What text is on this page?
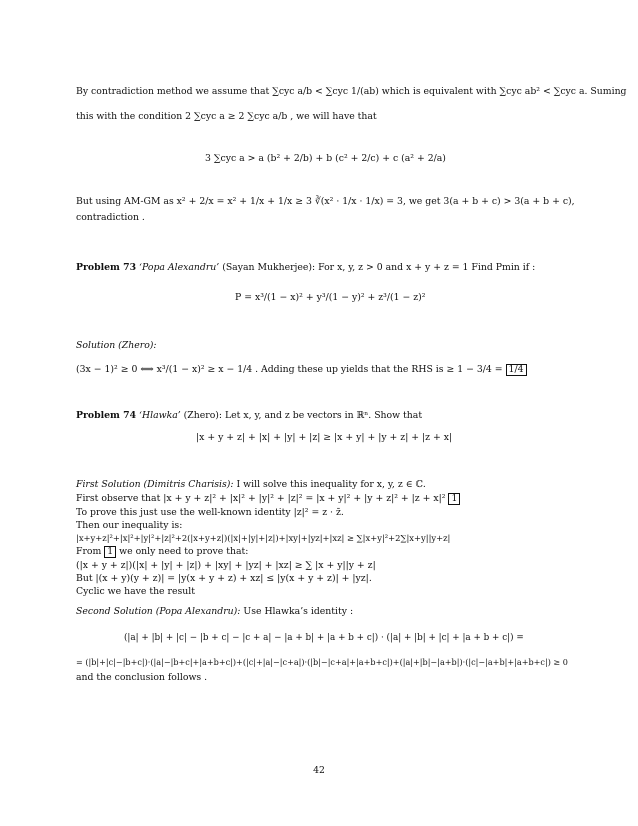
By contradiction method we assume that ∑cyc a/b < ∑cyc 1/(ab) which is equivalent with ∑cyc ab² < ∑cyc a. Suming
this with the condition 2 ∑cyc a ≥ 2 ∑cyc a/b , we will have that
3 ∑cyc a > a (b² + 2/b) + b (c² + 2/c) + c (a² + 2/a)
But using AM-GM as x² + 2/x = x² + 1/x + 1/x ≥ 3 ∛(x² · 1/x · 1/x) = 3, we get 3(a + b + c) > 3(a + b + c),
contradiction .
Problem 73 ‘Popa Alexandru’ (Sayan Mukherjee): For x, y, z > 0 and x + y + z = 1 Find Pmin if :
P = x³/(1 − x)² + y³/(1 − y)² + z³/(1 − z)²
Solution (Zhero):
(3x − 1)² ≥ 0 ⟺ x³/(1 − x)² ≥ x − 1/4 . Adding these up yields that the RHS is ≥ 1 − 3/4 = 1/4
Problem 74 ‘Hlawka’ (Zhero): Let x, y, and z be vectors in ℝⁿ. Show that
|x + y + z| + |x| + |y| + |z| ≥ |x + y| + |y + z| + |z + x|
First Solution (Dimitris Charisis): I will solve this inequality for x, y, z ∈ ℂ.
First observe that |x + y + z|² + |x|² + |y|² + |z|² = |x + y|² + |y + z|² + |z + x|² 1
To prove this just use the well-known identity |z|² = z · z̄.
Then our inequality is:
|x+y+z|²+|x|²+|y|²+|z|²+2(|x+y+z|)(|x|+|y|+|z|)+|xy|+|yz|+|xz| ≥ ∑|x+y|²+2∑|x+y||y+z|
From 1 we only need to prove that:
(|x + y + z|)(|x| + |y| + |z|) + |xy| + |yz| + |xz| ≥ ∑ |x + y||y + z|
But |(x + y)(y + z)| = |y(x + y + z) + xz| ≤ |y(x + y + z)| + |yz|.
Cyclic we have the result
Second Solution (Popa Alexandru): Use Hlawka’s identity :
(|a| + |b| + |c| − |b + c| − |c + a| − |a + b| + |a + b + c|) · (|a| + |b| + |c| + |a + b + c|) =
= (|b|+|c|−|b+c|)·(|a|−|b+c|+|a+b+c|)+(|c|+|a|−|c+a|)·(|b|−|c+a|+|a+b+c|)+(|a|+|b|−|a+b|)·(|c|−|a+b|+|a+b+c|) ≥ 0
and the conclusion follows .
42
